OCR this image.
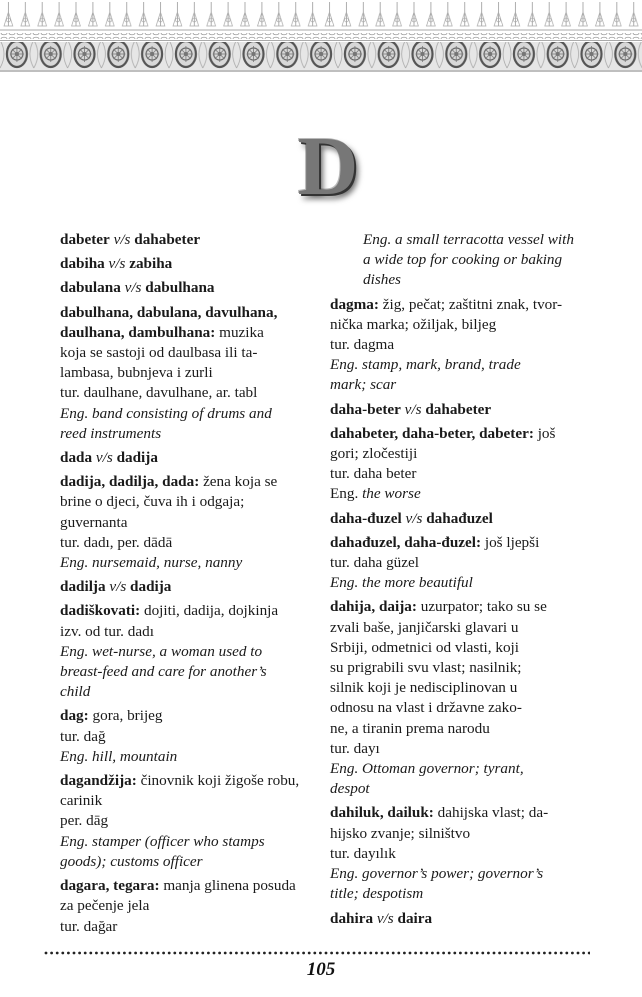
D
dabeter v/s dahabeter
dabiha v/s zabiha
dabulana v/s dabulhana
dabulhana, dabulana, davulhana,
daulhana, dambulhana: muzika
koja se sastoji od daulbasa ili ta-
lambasa, bubnjeva i zurli
tur. daulhane, davulhane, ar. tabl
Eng. band consisting of drums and
reed instruments
dada v/s dadija
dadija, dadilja, dada: žena koja se
brine o djeci, čuva ih i odgaja;
guvernanta
tur. dadı, per. dādā
Eng. nursemaid, nurse, nanny
dadilja v/s dadija
dadiškovati: dojiti, dadija, dojkinja
izv. od tur. dadı
Eng. wet-nurse, a woman used to
breast-feed and care for another’s
child
dag: gora, brijeg
tur. dağ
Eng. hill, mountain
dagandžija: činovnik koji žigoše robu,
carinik
per. dāg
Eng. stamper (officer who stamps
goods); customs officer
dagara, tegara: manja glinena posuda
za pečenje jela
tur. dağar
Eng. a small terracotta vessel with
a wide top for cooking or baking
dishes
dagma: žig, pečat; zaštitni znak, tvor-
nička marka; ožiljak, biljeg
tur. dagma
Eng. stamp, mark, brand, trade
mark; scar
daha-beter v/s dahabeter
dahabeter, daha-beter, dabeter: još
gori; zločestiji
tur. daha beter
Eng. the worse
daha-đuzel v/s dahađuzel
dahađuzel, daha-đuzel: još ljepši
tur. daha güzel
Eng. the more beautiful
dahija, daija: uzurpator; tako su se
zvali baše, janjičarski glavari u
Srbiji, odmetnici od vlasti, koji
su prigrabili svu vlast; nasilnik;
silnik koji je nedisciplinovan u
odnosu na vlast i državne zako-
ne, a tiranin prema narodu
tur. dayı
Eng. Ottoman governor; tyrant,
despot
dahiluk, dailuk: dahijska vlast; da-
hijsko zvanje; silništvo
tur. dayılık
Eng. governor’s power; governor’s
title; despotism
dahira v/s daira
105
